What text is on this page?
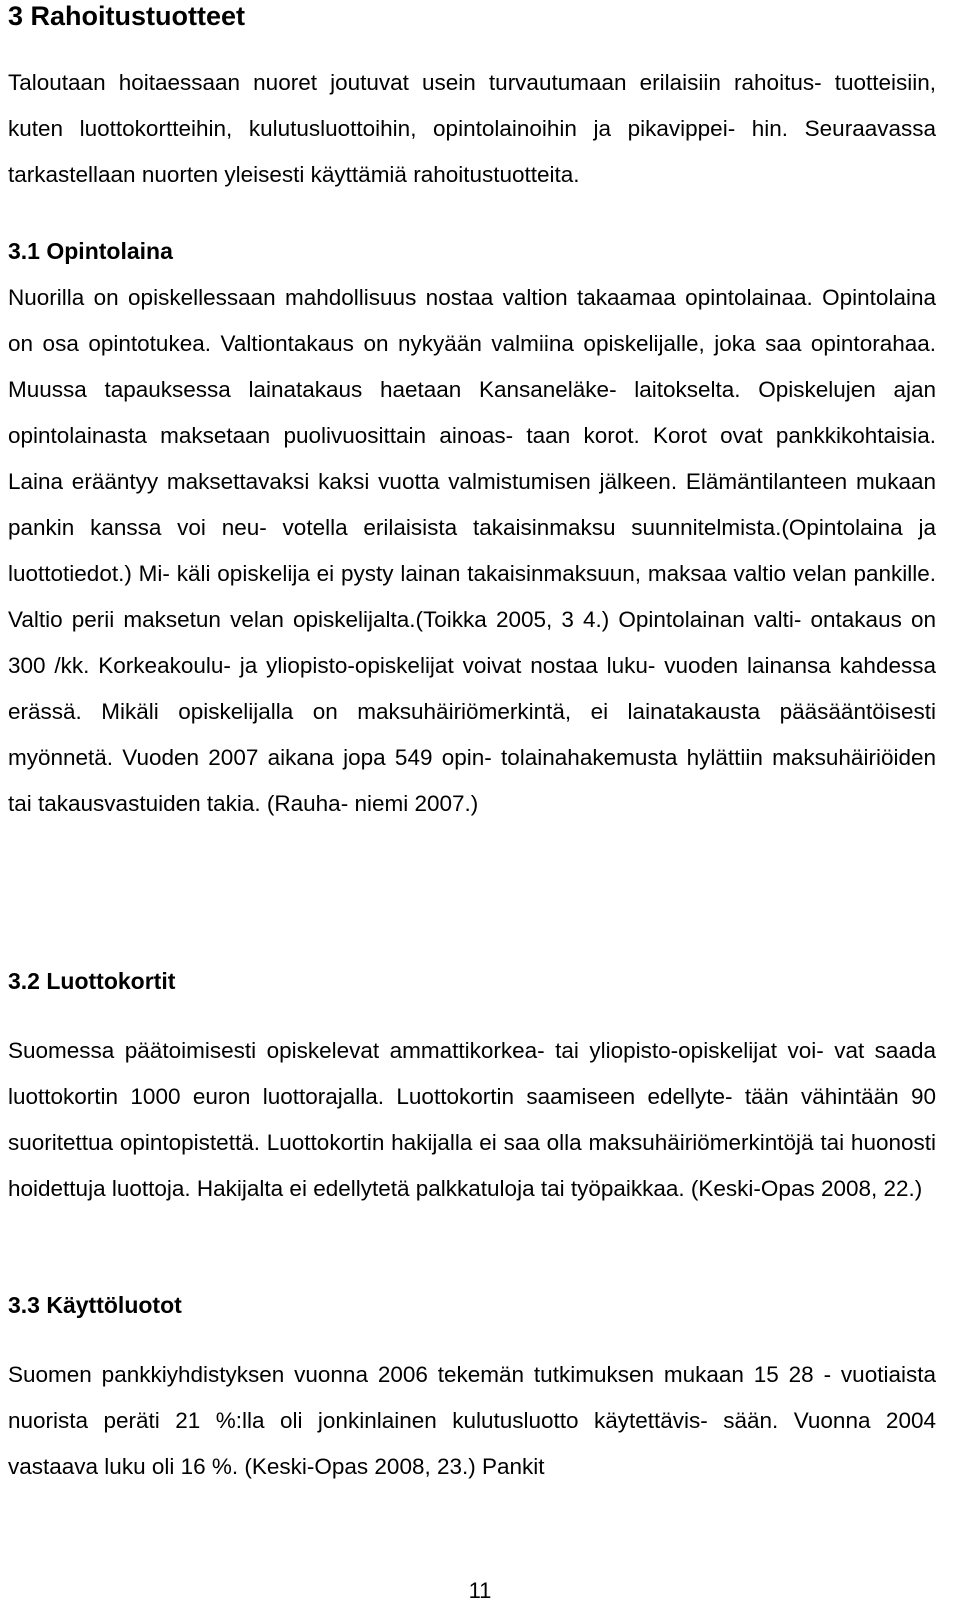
3 Rahoitustuotteet

Taloutaan hoitaessaan nuoret joutuvat usein turvautumaan erilaisiin rahoitus- tuotteisiin, kuten luottokortteihin, kulutusluottoihin, opintolainoihin ja pikavippei- hin. Seuraavassa tarkastellaan nuorten yleisesti käyttämiä rahoitustuotteita.

3.1 Opintolaina

Nuorilla on opiskellessaan mahdollisuus nostaa valtion takaamaa opintolainaa. Opintolaina on osa opintotukea. Valtiontakaus on nykyään valmiina opiskelijalle, joka saa opintorahaa. Muussa tapauksessa lainatakaus haetaan Kansaneläke- laitokselta. Opiskelujen ajan opintolainasta maksetaan puolivuosittain ainoas- taan korot. Korot ovat pankkikohtaisia. Laina erääntyy maksettavaksi kaksi vuotta valmistumisen jälkeen. Elämäntilanteen mukaan pankin kanssa voi neu- votella erilaisista takaisinmaksu suunnitelmista.(Opintolaina ja luottotiedot.) Mi- käli opiskelija ei pysty lainan takaisinmaksuun, maksaa valtio velan pankille. Valtio perii maksetun velan opiskelijalta.(Toikka 2005, 3 4.) Opintolainan valti- ontakaus on 300 /kk. Korkeakoulu- ja yliopisto-opiskelijat voivat nostaa luku- vuoden lainansa kahdessa erässä. Mikäli opiskelijalla on maksuhäiriömerkintä, ei lainatakausta pääsääntöisesti myönnetä. Vuoden 2007 aikana jopa 549 opin- tolainahakemusta hylättiin maksuhäiriöiden tai takausvastuiden takia. (Rauha- niemi 2007.)

3.2 Luottokortit

Suomessa päätoimisesti opiskelevat ammattikorkea- tai yliopisto-opiskelijat voi- vat saada luottokortin 1000 euron luottorajalla. Luottokortin saamiseen edellyte- tään vähintään 90 suoritettua opintopistettä. Luottokortin hakijalla ei saa olla maksuhäiriömerkintöjä tai huonosti hoidettuja luottoja. Hakijalta ei edellytetä palkkatuloja tai työpaikkaa. (Keski-Opas 2008, 22.)

3.3 Käyttöluotot

Suomen pankkiyhdistyksen vuonna 2006 tekemän tutkimuksen mukaan 15 28 - vuotiaista nuorista peräti 21 %:lla oli jonkinlainen kulutusluotto käytettävis- sään. Vuonna 2004 vastaava luku oli 16 %. (Keski-Opas 2008, 23.) Pankit

11
